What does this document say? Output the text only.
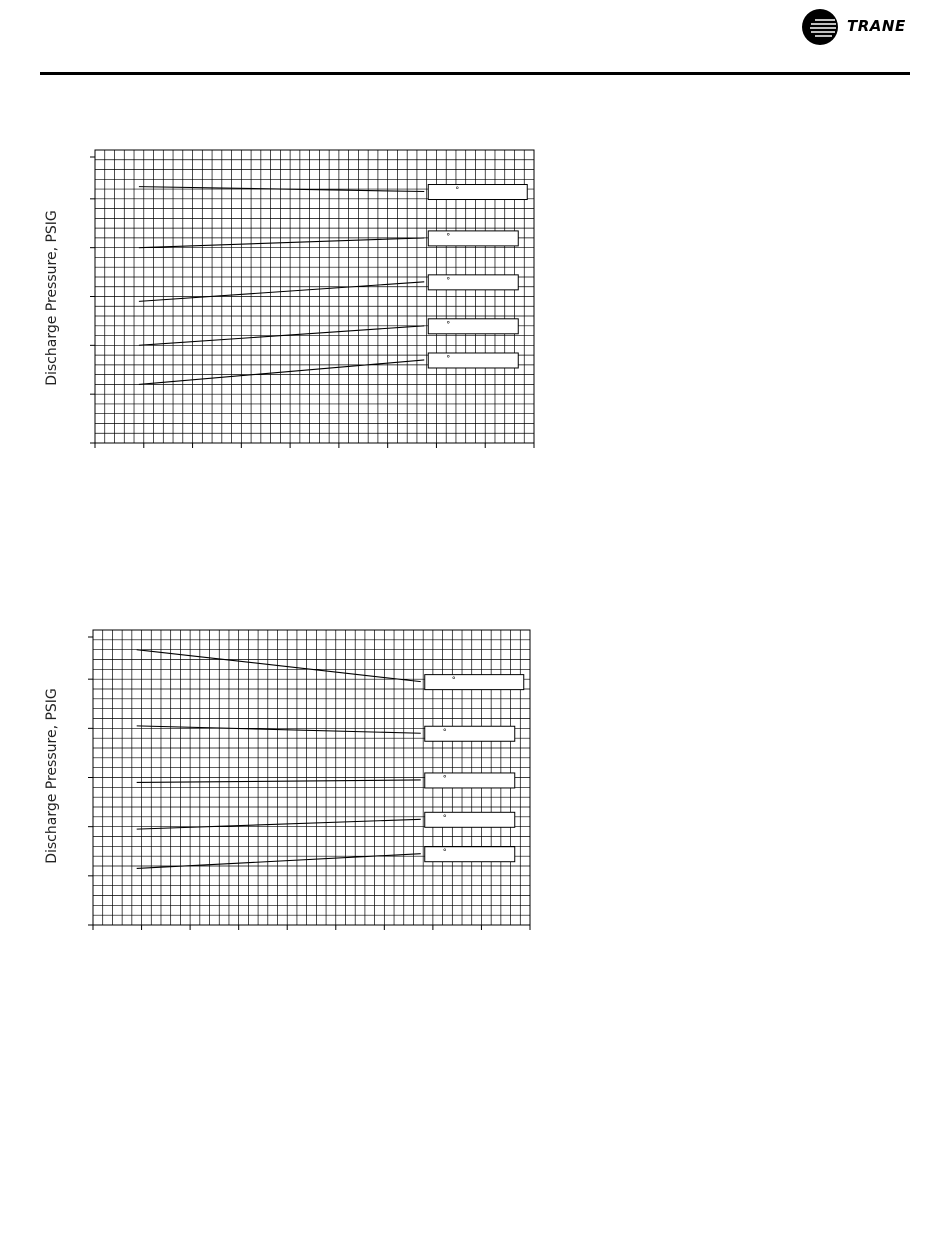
TRANE
Discharge Pressure, PSIG
°
°
°
°
°
Discharge Pressure, PSIG
°
°
°
°
°
